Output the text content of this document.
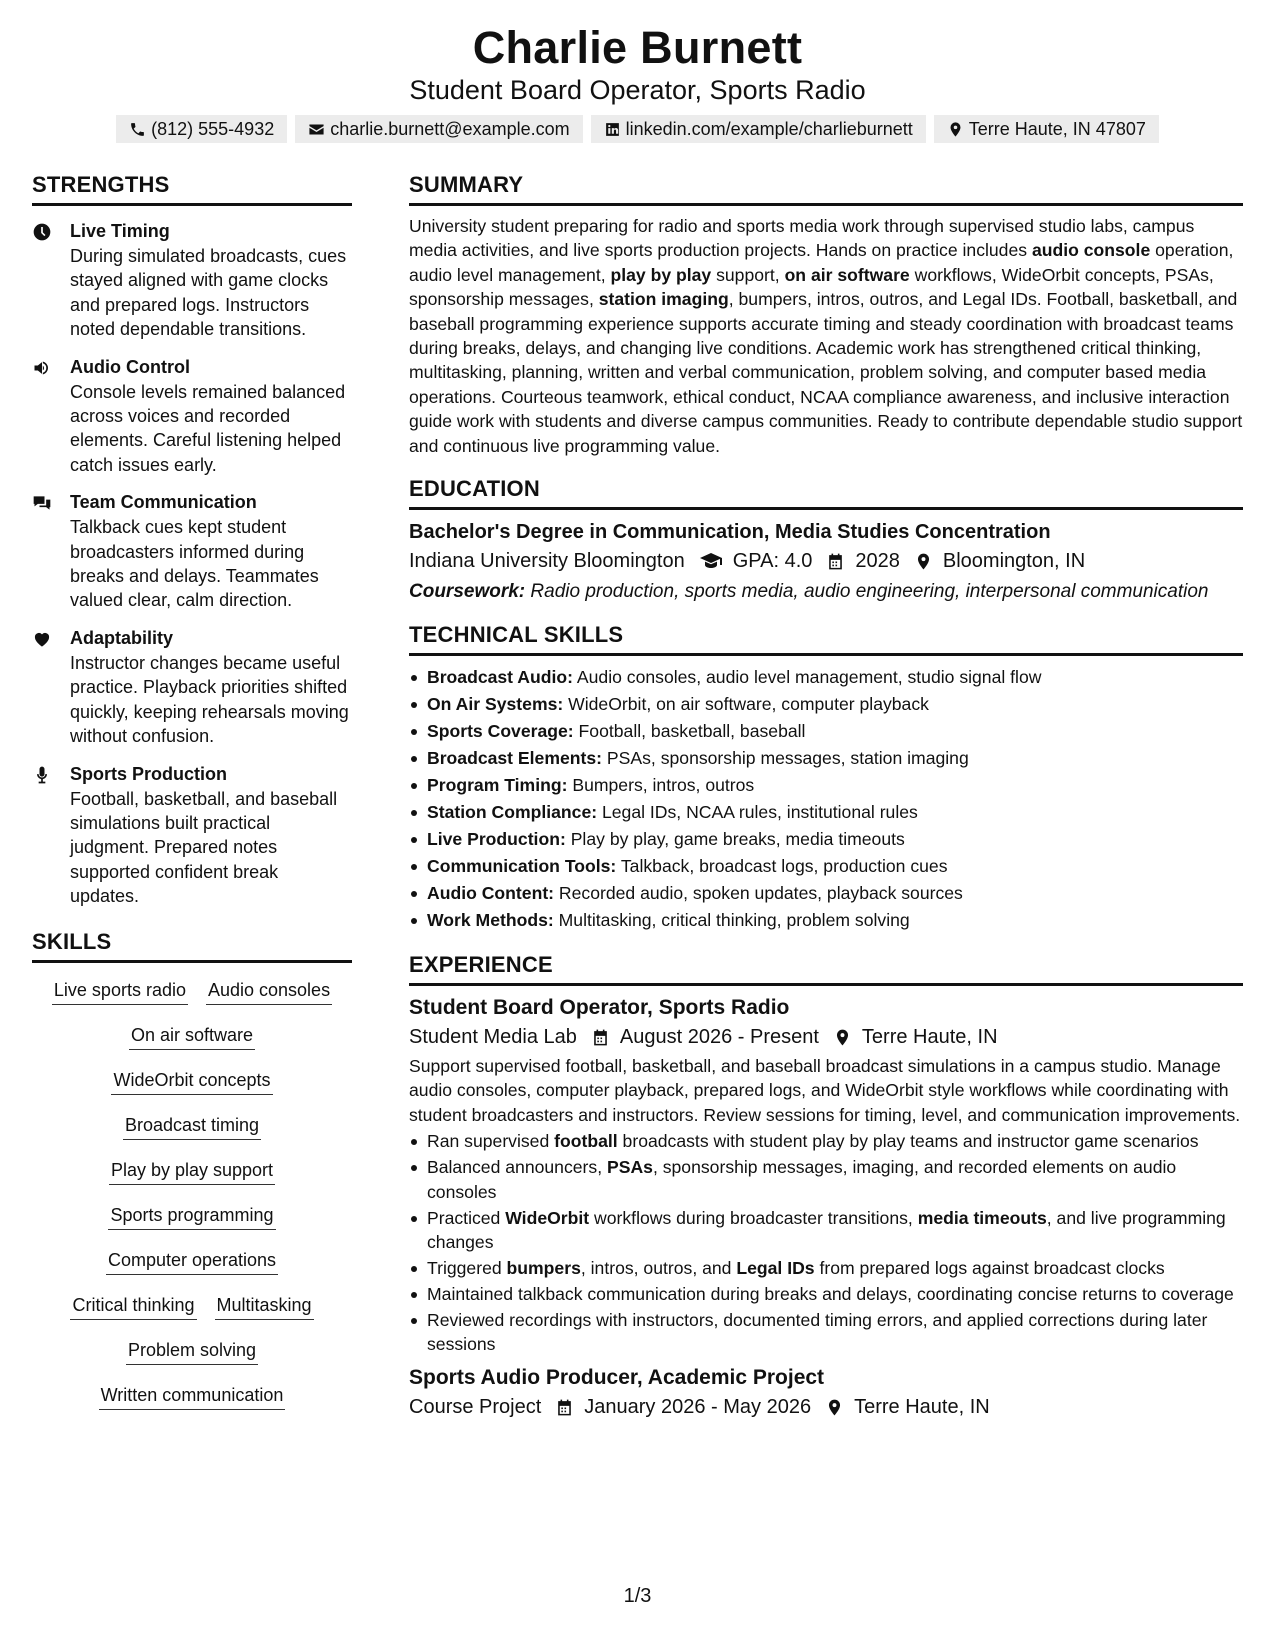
Charlie Burnett
Student Board Operator, Sports Radio
(812) 555-4932	charlie.burnett@example.com	linkedin.com/example/charlieburnett	Terre Haute, IN 47807
STRENGTHS
Live Timing
During simulated broadcasts, cues stayed aligned with game clocks and prepared logs. Instructors noted dependable transitions.
Audio Control
Console levels remained balanced across voices and recorded elements. Careful listening helped catch issues early.
Team Communication
Talkback cues kept student broadcasters informed during breaks and delays. Teammates valued clear, calm direction.
Adaptability
Instructor changes became useful practice. Playback priorities shifted quickly, keeping rehearsals moving without confusion.
Sports Production
Football, basketball, and baseball simulations built practical judgment. Prepared notes supported confident break updates.
SKILLS
Live sports radio Audio consoles
On air software
WideOrbit concepts
Broadcast timing
Play by play support
Sports programming
Computer operations
Critical thinking Multitasking
Problem solving
Written communication
SUMMARY

University student preparing for radio and sports media work through supervised studio labs, campus media activities, and live sports production projects. Hands on practice includes audio console operation, audio level management, play by play support, on air software workflows, WideOrbit concepts, PSAs, sponsorship messages, station imaging, bumpers, intros, outros, and Legal IDs. Football, basketball, and baseball programming experience supports accurate timing and steady coordination with broadcast teams during breaks, delays, and changing live conditions. Academic work has strengthened critical thinking, multitasking, planning, written and verbal communication, problem solving, and computer based media operations. Courteous teamwork, ethical conduct, NCAA compliance awareness, and inclusive interaction guide work with students and diverse campus communities. Ready to contribute dependable studio support and continuous live programming value.

EDUCATION
Bachelor's Degree in Communication, Media Studies Concentration
Indiana University Bloomington GPA: 4.0 2028 Bloomington, IN
Coursework: Radio production, sports media, audio engineering, interpersonal communication
TECHNICAL SKILLS
Broadcast Audio: Audio consoles, audio level management, studio signal flow
On Air Systems: WideOrbit, on air software, computer playback
Sports Coverage: Football, basketball, baseball
Broadcast Elements: PSAs, sponsorship messages, station imaging
Program Timing: Bumpers, intros, outros
Station Compliance: Legal IDs, NCAA rules, institutional rules
Live Production: Play by play, game breaks, media timeouts
Communication Tools: Talkback, broadcast logs, production cues
Audio Content: Recorded audio, spoken updates, playback sources
Work Methods: Multitasking, critical thinking, problem solving
EXPERIENCE
Student Board Operator, Sports Radio
Student Media Lab August 2026 - Present Terre Haute, IN
Support supervised football, basketball, and baseball broadcast simulations in a campus studio. Manage audio consoles, computer playback, prepared logs, and WideOrbit style workflows while coordinating with student broadcasters and instructors. Review sessions for timing, level, and communication improvements.
Ran supervised football broadcasts with student play by play teams and instructor game scenarios
Balanced announcers, PSAs, sponsorship messages, imaging, and recorded elements on audio consoles
Practiced WideOrbit workflows during broadcaster transitions, media timeouts, and live programming changes
Triggered bumpers, intros, outros, and Legal IDs from prepared logs against broadcast clocks
Maintained talkback communication during breaks and delays, coordinating concise returns to coverage
Reviewed recordings with instructors, documented timing errors, and applied corrections during later sessions
Sports Audio Producer, Academic Project
Course Project January 2026 - May 2026 Terre Haute, IN
1/3
